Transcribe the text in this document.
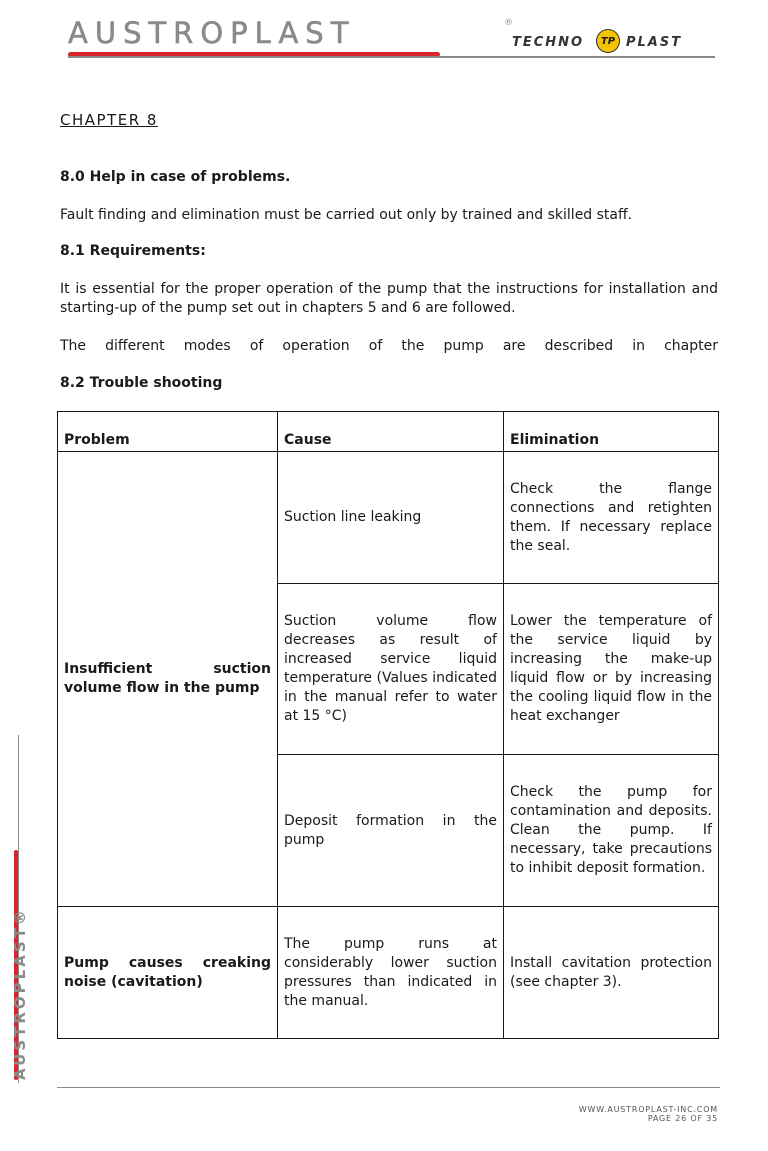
AUSTROPLAST	®
TECHNO	TP PLAST
AUSTROPLAST®
CHAPTER 8
8.0 Help in case of problems.
Fault finding and elimination must be carried out only by trained and skilled staff.
8.1 Requirements:
It is essential for the proper operation of the pump that the instructions for installation and starting-up of the pump set out in chapters 5 and 6 are followed.
The different modes of operation of the pump are described in chapter
8.2 Trouble shooting
Problem	Cause	Elimination
Insufficient suction volume flow in the pump	Suction line leaking	Check the flange connections and retighten them. If necessary replace the seal.
	Suction volume flow decreases as result of increased service liquid temperature (Values indicated in the manual refer to water at 15 °C)	Lower the temperature of the service liquid by increasing the make-up liquid flow or by increasing the cooling liquid flow in the heat exchanger
	Deposit formation in the pump	Check the pump for contamination and deposits. Clean the pump. If necessary, take precautions to inhibit deposit formation.
Pump causes creaking noise (cavitation)	The pump runs at considerably lower suction pressures than indicated in the manual.	Install cavitation protection (see chapter 3).
WWW.AUSTROPLAST-INC.COM
PAGE 26 OF 35
